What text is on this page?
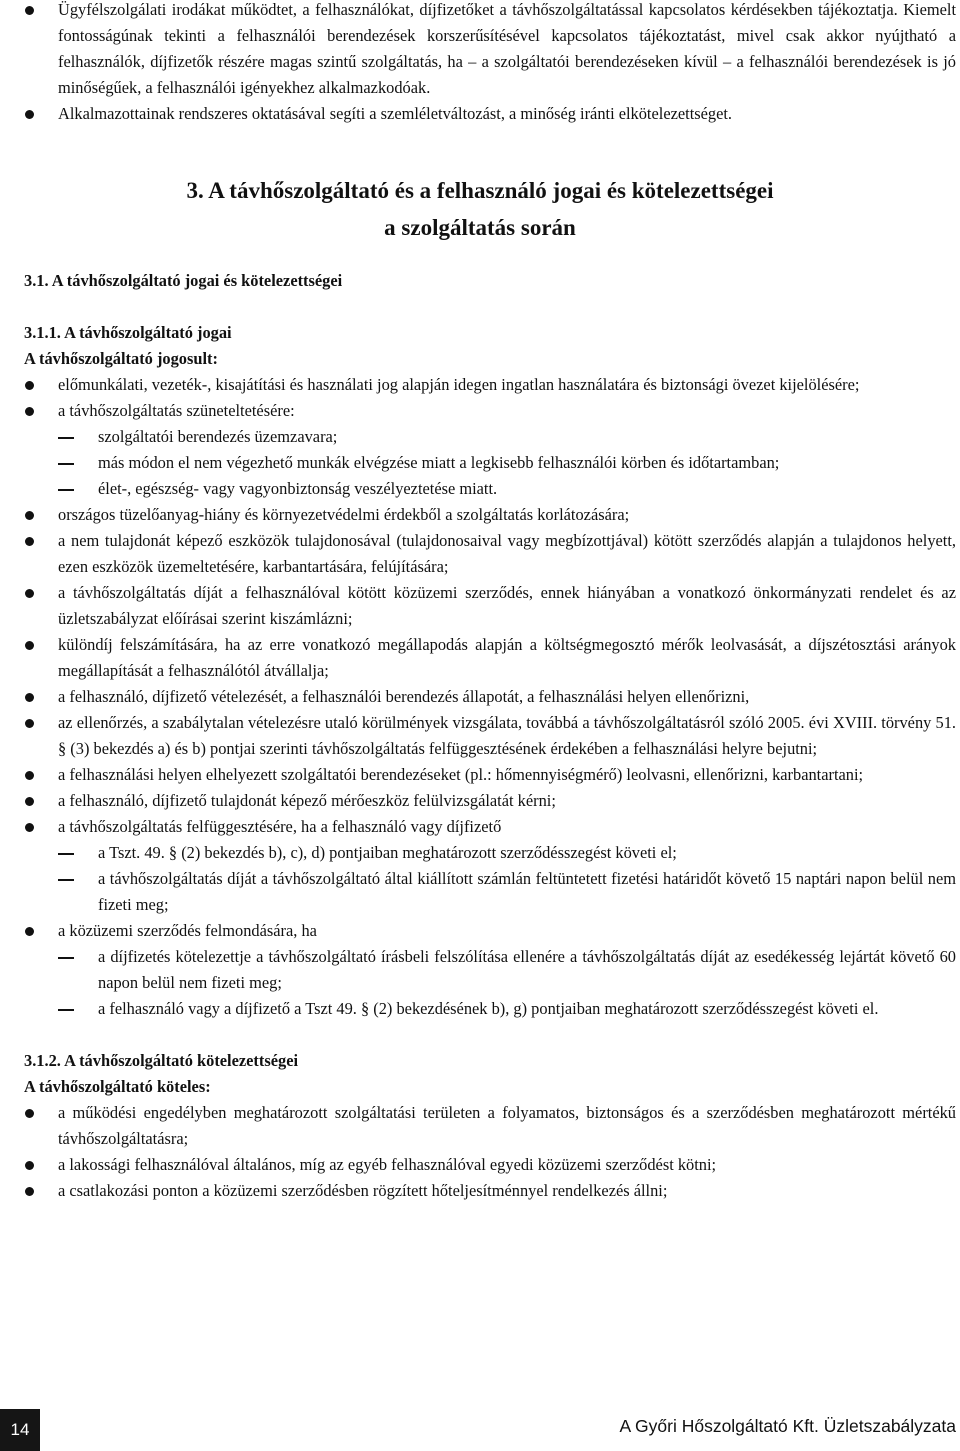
Ügyfélszolgálati irodákat működtet, a felhasználókat, díjfizetőket a távhőszolgáltatással kapcsolatos kérdésekben tájékoztatja. Kiemelt fontosságúnak tekinti a felhasználói berendezések korszerűsítésével kapcsolatos tájékoztatást, mivel csak akkor nyújtható a felhasználók, díjfizetők részére magas szintű szolgáltatás, ha – a szolgáltatói berendezéseken kívül – a felhasználói berendezések is jó minőségűek, a felhasználói igényekhez alkalmazkodóak.
Alkalmazottainak rendszeres oktatásával segíti a szemléletváltozást, a minőség iránti elkötelezettséget.
3. A távhőszolgáltató és a felhasználó jogai és kötelezettségei
a szolgáltatás során
3.1. A távhőszolgáltató jogai és kötelezettségei
3.1.1. A távhőszolgáltató jogai
A távhőszolgáltató jogosult:
előmunkálati, vezeték-, kisajátítási és használati jog alapján idegen ingatlan használatára és biztonsági övezet kijelölésére;
a távhőszolgáltatás szüneteltetésére:
szolgáltatói berendezés üzemzavara;
más módon el nem végezhető munkák elvégzése miatt a legkisebb felhasználói körben és időtartamban;
élet-, egészség- vagy vagyonbiztonság veszélyeztetése miatt.
országos tüzelőanyag-hiány és környezetvédelmi érdekből a szolgáltatás korlátozására;
a nem tulajdonát képező eszközök tulajdonosával (tulajdonosaival vagy megbízottjával) kötött szerződés alapján a tulajdonos helyett, ezen eszközök üzemeltetésére, karbantartására, felújítására;
a távhőszolgáltatás díját a felhasználóval kötött közüzemi szerződés, ennek hiányában a vonatkozó önkormányzati rendelet és az üzletszabályzat előírásai szerint kiszámlázni;
különdíj felszámítására, ha az erre vonatkozó megállapodás alapján a költségmegosztó mérők leolvasását, a díjszétosztási arányok megállapítását a felhasználótól átvállalja;
a felhasználó, díjfizető vételezését, a felhasználói berendezés állapotát, a felhasználási helyen ellenőrizni,
az ellenőrzés, a szabálytalan vételezésre utaló körülmények vizsgálata, továbbá a távhőszolgáltatásról szóló 2005. évi XVIII. törvény 51. § (3) bekezdés a) és b) pontjai szerinti távhőszolgáltatás felfüggesztésének érdekében a felhasználási helyre bejutni;
a felhasználási helyen elhelyezett szolgáltatói berendezéseket (pl.: hőmennyiségmérő) leolvasni, ellenőrizni, karbantartani;
a felhasználó, díjfizető tulajdonát képező mérőeszköz felülvizsgálatát kérni;
a távhőszolgáltatás felfüggesztésére, ha a felhasználó vagy díjfizető
a Tszt. 49. § (2) bekezdés b), c), d) pontjaiban meghatározott szerződésszegést követi el;
a távhőszolgáltatás díját a távhőszolgáltató által kiállított számlán feltüntetett fizetési határidőt követő 15 naptári napon belül nem fizeti meg;
a közüzemi szerződés felmondására, ha
a díjfizetés kötelezettje a távhőszolgáltató írásbeli felszólítása ellenére a távhőszolgáltatás díját az esedékesség lejártát követő 60 napon belül nem fizeti meg;
a felhasználó vagy a díjfizető a Tszt 49. § (2) bekezdésének b), g) pontjaiban meghatározott szerződésszegést követi el.
3.1.2. A távhőszolgáltató kötelezettségei
A távhőszolgáltató köteles:
a működési engedélyben meghatározott szolgáltatási területen a folyamatos, biztonságos és a szerződésben meghatározott mértékű távhőszolgáltatásra;
a lakossági felhasználóval általános, míg az egyéb felhasználóval egyedi közüzemi szerződést kötni;
a csatlakozási ponton a közüzemi szerződésben rögzített hőteljesítménnyel rendelkezés állni;
14	A Győri Hőszolgáltató Kft. Üzletszabályzata
